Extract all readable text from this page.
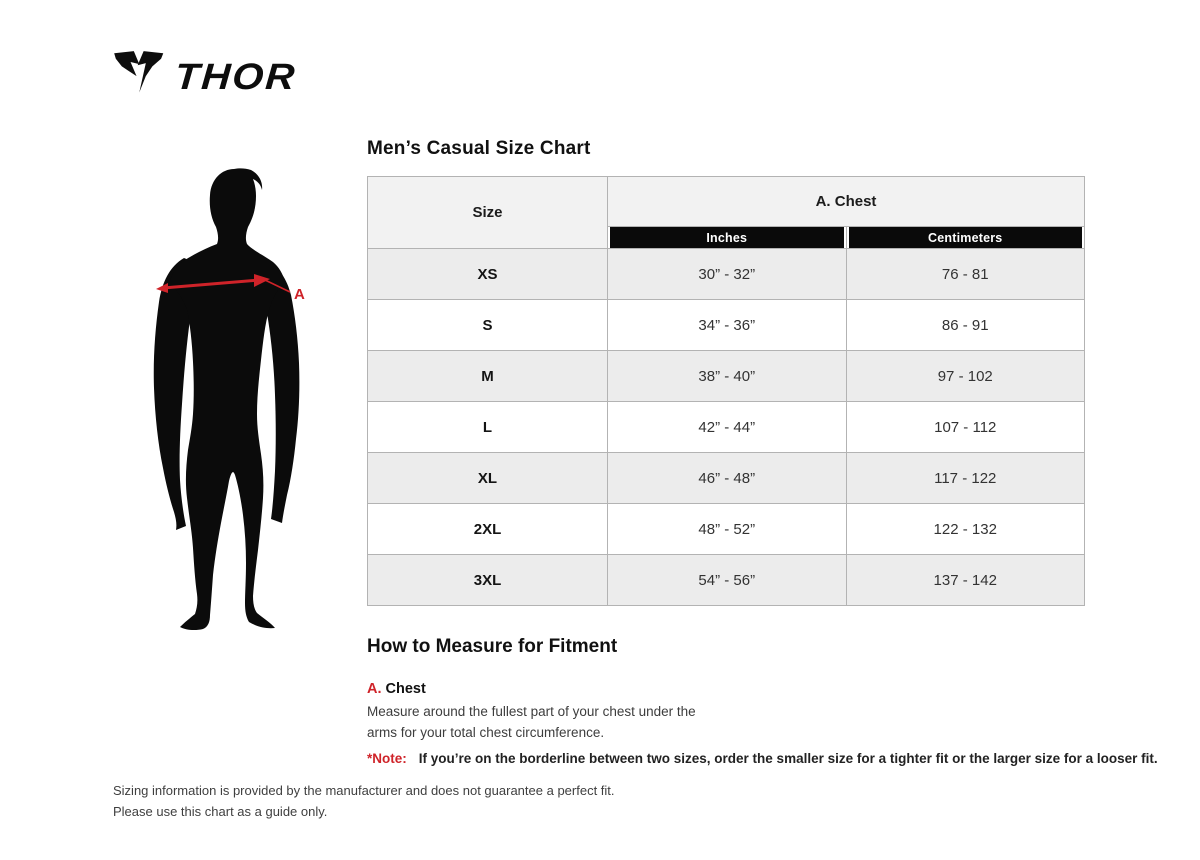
THOR
A
Men’s Casual Size Chart
Size	A. Chest	

Inches	Centimeters

XS	30” - 32”	76 - 81
S	34” - 36”	86 - 91
M	38” - 40”	97 - 102
L	42” - 44”	107 - 112
XL	46” - 48”	117 - 122
2XL	48” - 52”	122 - 132
3XL	54” - 56”	137 - 142
How to Measure for Fitment
A. Chest

Measure around the fullest part of your chest under the arms for your total chest circumference.

*Note: If you’re on the borderline between two sizes, order the smaller size for a tighter fit or the larger size for a looser fit.
Sizing information is provided by the manufacturer and does not guarantee a perfect fit.
Please use this chart as a guide only.
